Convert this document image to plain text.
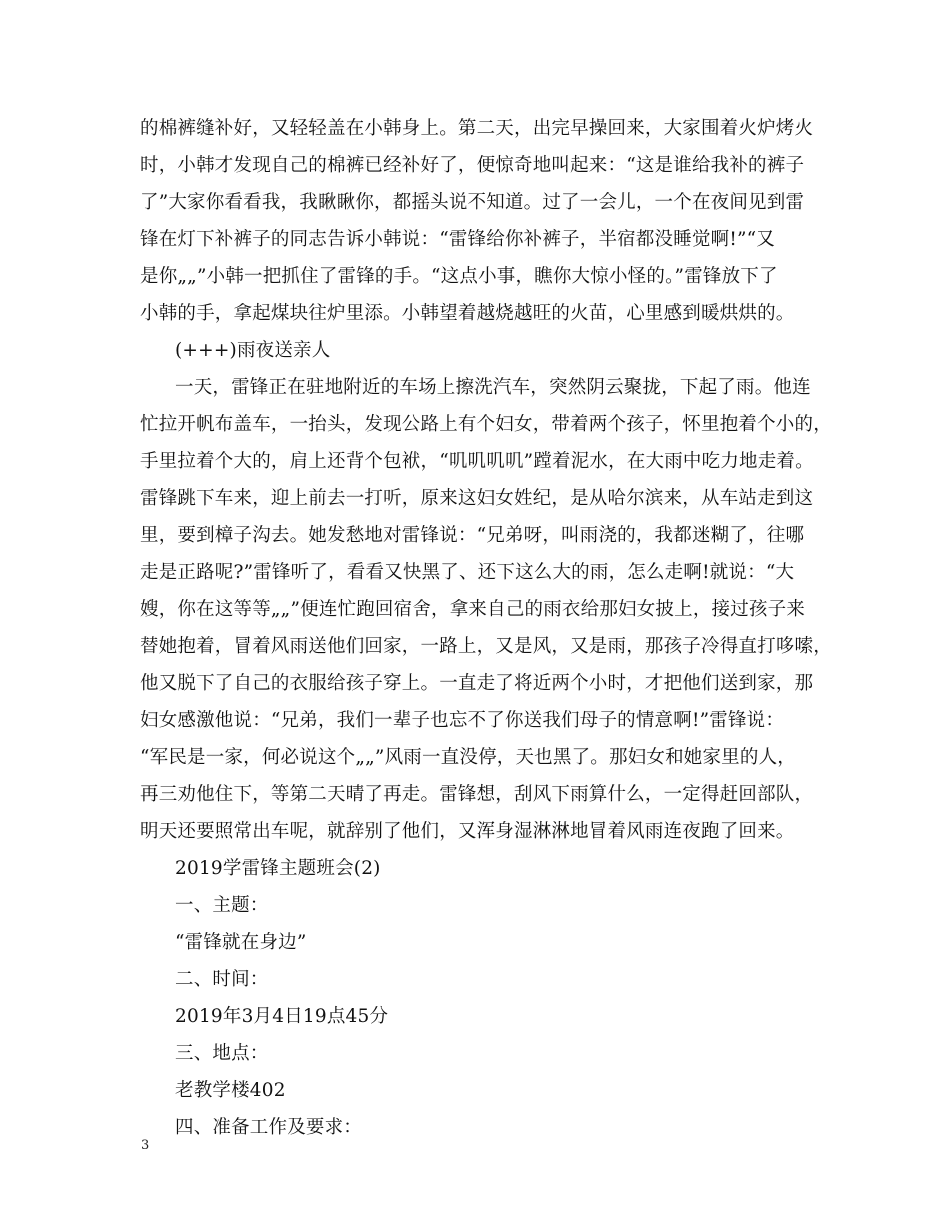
的棉裤缝补好，又轻轻盖在小韩身上。第二天，出完早操回来，大家围着火炉烤火
时，小韩才发现自己的棉裤已经补好了，便惊奇地叫起来：“这是谁给我补的裤子
了”大家你看看我，我瞅瞅你，都摇头说不知道。过了一会儿，一个在夜间见到雷
锋在灯下补裤子的同志告诉小韩说：“雷锋给你补裤子，半宿都没睡觉啊!”“又
是你„„”小韩一把抓住了雷锋的手。“这点小事，瞧你大惊小怪的。”雷锋放下了
小韩的手，拿起煤块往炉里添。小韩望着越烧越旺的火苗，心里感到暖烘烘的。
(+++)雨夜送亲人
一天，雷锋正在驻地附近的车场上擦洗汽车，突然阴云聚拢，下起了雨。他连
忙拉开帆布盖车，一抬头，发现公路上有个妇女，带着两个孩子，怀里抱着个小的，
手里拉着个大的，肩上还背个包袱，“叽叽叽叽”蹚着泥水，在大雨中吃力地走着。
雷锋跳下车来，迎上前去一打听，原来这妇女姓纪，是从哈尔滨来，从车站走到这
里，要到樟子沟去。她发愁地对雷锋说：“兄弟呀，叫雨浇的，我都迷糊了，往哪
走是正路呢?”雷锋听了，看看又快黑了、还下这么大的雨，怎么走啊!就说：“大
嫂，你在这等等„„”便连忙跑回宿舍，拿来自己的雨衣给那妇女披上，接过孩子来
替她抱着，冒着风雨送他们回家，一路上，又是风，又是雨，那孩子冷得直打哆嗦，
他又脱下了自己的衣服给孩子穿上。一直走了将近两个小时，才把他们送到家，那
妇女感激他说：“兄弟，我们一辈子也忘不了你送我们母子的情意啊!”雷锋说：
“军民是一家，何必说这个„„”风雨一直没停，天也黑了。那妇女和她家里的人，
再三劝他住下，等第二天晴了再走。雷锋想，刮风下雨算什么，一定得赶回部队，
明天还要照常出车呢，就辞别了他们，又浑身湿淋淋地冒着风雨连夜跑了回来。
2019学雷锋主题班会(2)
一、主题：
“雷锋就在身边”
二、时间：
2019年3月4日19点45分
三、地点：
老教学楼402
四、准备工作及要求：
3
